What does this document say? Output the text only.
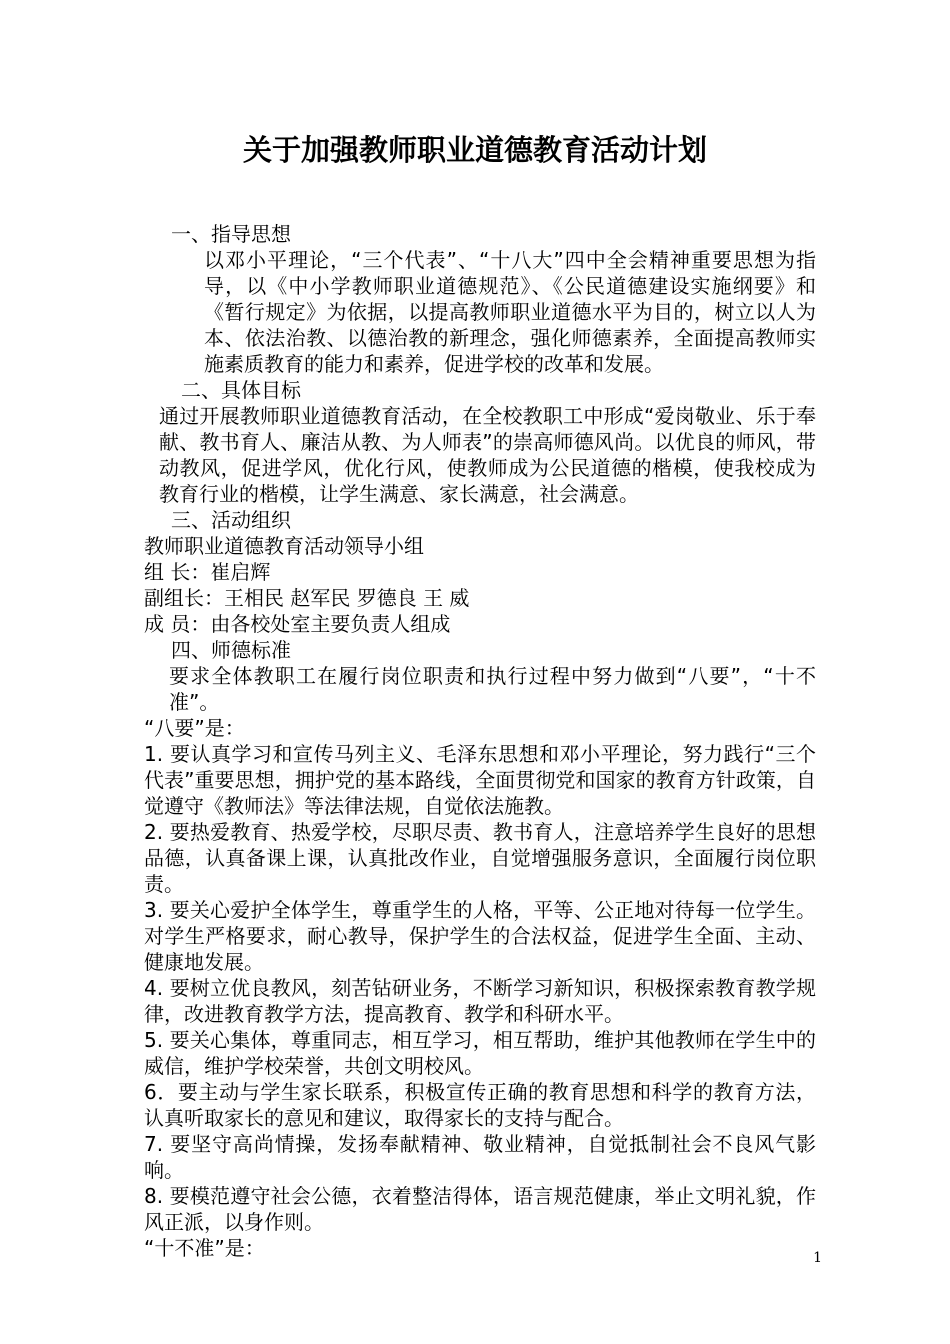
关于加强教师职业道德教育活动计划

一、指导思想

以邓小平理论，“三个代表”、“十八大”四中全会精神重要思想为指导，以《中小学教师职业道德规范》、《公民道德建设实施纲要》和《暂行规定》为依据，以提高教师职业道德水平为目的，树立以人为本、依法治教、以德治教的新理念，强化师德素养，全面提高教师实施素质教育的能力和素养，促进学校的改革和发展。

二、具体目标

通过开展教师职业道德教育活动，在全校教职工中形成“爱岗敬业、乐于奉献、教书育人、廉洁从教、为人师表”的崇高师德风尚。以优良的师风，带动教风，促进学风，优化行风，使教师成为公民道德的楷模，使我校成为教育行业的楷模，让学生满意、家长满意，社会满意。

三、活动组织

教师职业道德教育活动领导小组

组 长：崔启辉

副组长：王相民 赵军民 罗德良 王 威

成 员：由各校处室主要负责人组成

四、师德标准

要求全体教职工在履行岗位职责和执行过程中努力做到“八要”，“十不准”。

“八要”是：

1. 要认真学习和宣传马列主义、毛泽东思想和邓小平理论，努力践行“三个代表”重要思想，拥护党的基本路线，全面贯彻党和国家的教育方针政策，自觉遵守《教师法》等法律法规，自觉依法施教。

2. 要热爱教育、热爱学校，尽职尽责、教书育人，注意培养学生良好的思想品德，认真备课上课，认真批改作业，自觉增强服务意识，全面履行岗位职责。

3. 要关心爱护全体学生，尊重学生的人格，平等、公正地对待每一位学生。对学生严格要求，耐心教导，保护学生的合法权益，促进学生全面、主动、健康地发展。

4. 要树立优良教风，刻苦钻研业务，不断学习新知识，积极探索教育教学规律，改进教育教学方法，提高教育、教学和科研水平。

5. 要关心集体，尊重同志，相互学习，相互帮助，维护其他教师在学生中的威信，维护学校荣誉，共创文明校风。

6．要主动与学生家长联系，积极宣传正确的教育思想和科学的教育方法，认真听取家长的意见和建议，取得家长的支持与配合。

7. 要坚守高尚情操，发扬奉献精神、敬业精神，自觉抵制社会不良风气影响。

8. 要模范遵守社会公德，衣着整洁得体，语言规范健康，举止文明礼貌，作风正派，以身作则。

“十不准”是：	1
